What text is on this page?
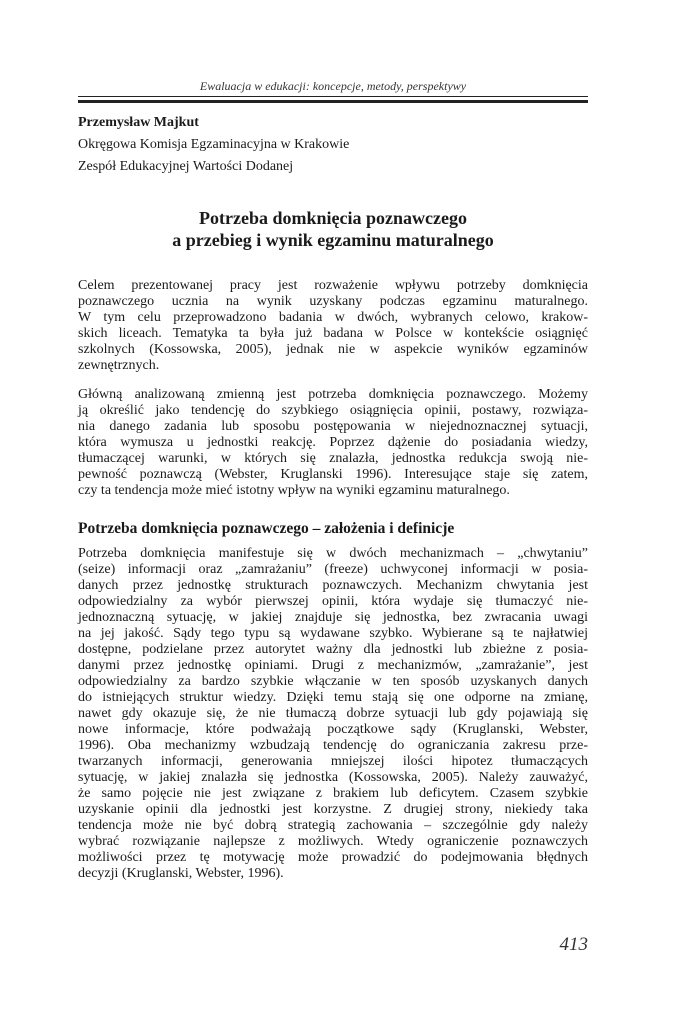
Ewaluacja w edukacji: koncepcje, metody, perspektywy
Przemysław Majkut
Okręgowa Komisja Egzaminacyjna w Krakowie
Zespół Edukacyjnej Wartości Dodanej
Potrzeba domknięcia poznawczego
a przebieg i wynik egzaminu maturalnego
Celem prezentowanej pracy jest rozważenie wpływu potrzeby domknięcia
poznawczego ucznia na wynik uzyskany podczas egzaminu maturalnego.
W tym celu przeprowadzono badania w dwóch, wybranych celowo, krakow-
skich liceach. Tematyka ta była już badana w Polsce w kontekście osiągnięć
szkolnych (Kossowska, 2005), jednak nie w aspekcie wyników egzaminów
zewnętrznych.
Główną analizowaną zmienną jest potrzeba domknięcia poznawczego. Możemy
ją określić jako tendencję do szybkiego osiągnięcia opinii, postawy, rozwiąza-
nia danego zadania lub sposobu postępowania w niejednoznacznej sytuacji,
która wymusza u jednostki reakcję. Poprzez dążenie do posiadania wiedzy,
tłumaczącej warunki, w których się znalazła, jednostka redukcja swoją nie-
pewność poznawczą (Webster, Kruglanski 1996). Interesujące staje się zatem,
czy ta tendencja może mieć istotny wpływ na wyniki egzaminu maturalnego.
Potrzeba domknięcia poznawczego – założenia i definicje
Potrzeba domknięcia manifestuje się w dwóch mechanizmach – „chwytaniu”
(seize) informacji oraz „zamrażaniu” (freeze) uchwyconej informacji w posia-
danych przez jednostkę strukturach poznawczych. Mechanizm chwytania jest
odpowiedzialny za wybór pierwszej opinii, która wydaje się tłumaczyć nie-
jednoznaczną sytuację, w jakiej znajduje się jednostka, bez zwracania uwagi
na jej jakość. Sądy tego typu są wydawane szybko. Wybierane są te najłatwiej
dostępne, podzielane przez autorytet ważny dla jednostki lub zbieżne z posia-
danymi przez jednostkę opiniami. Drugi z mechanizmów, „zamrażanie”, jest
odpowiedzialny za bardzo szybkie włączanie w ten sposób uzyskanych danych
do istniejących struktur wiedzy. Dzięki temu stają się one odporne na zmianę,
nawet gdy okazuje się, że nie tłumaczą dobrze sytuacji lub gdy pojawiają się
nowe informacje, które podważają początkowe sądy (Kruglanski, Webster,
1996). Oba mechanizmy wzbudzają tendencję do ograniczania zakresu prze-
twarzanych informacji, generowania mniejszej ilości hipotez tłumaczących
sytuację, w jakiej znalazła się jednostka (Kossowska, 2005). Należy zauważyć,
że samo pojęcie nie jest związane z brakiem lub deficytem. Czasem szybkie
uzyskanie opinii dla jednostki jest korzystne. Z drugiej strony, niekiedy taka
tendencja może nie być dobrą strategią zachowania – szczególnie gdy należy
wybrać rozwiązanie najlepsze z możliwych. Wtedy ograniczenie poznawczych
możliwości przez tę motywację może prowadzić do podejmowania błędnych
decyzji (Kruglanski, Webster, 1996).
413
